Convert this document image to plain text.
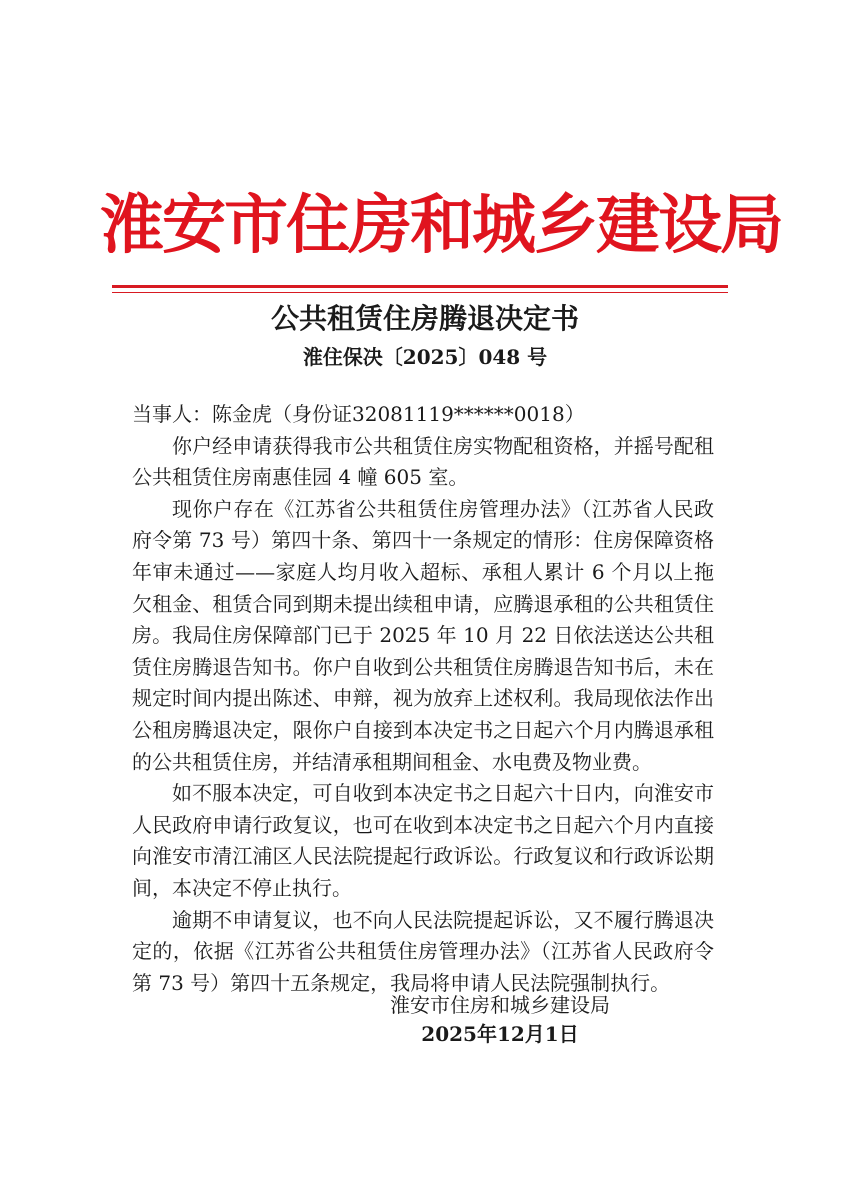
淮安市住房和城乡建设局
公共租赁住房腾退决定书
淮住保决〔2025〕048 号

当事人：陈金虎（身份证32081119******0018）

你户经申请获得我市公共租赁住房实物配租资格，并摇号配租公共租赁住房南惠佳园 4 幢 605 室。

现你户存在《江苏省公共租赁住房管理办法》（江苏省人民政府令第 73 号）第四十条、第四十一条规定的情形：住房保障资格年审未通过——家庭人均月收入超标、承租人累计 6 个月以上拖欠租金、租赁合同到期未提出续租申请，应腾退承租的公共租赁住房。我局住房保障部门已于 2025 年 10 月 22 日依法送达公共租赁住房腾退告知书。你户自收到公共租赁住房腾退告知书后，未在规定时间内提出陈述、申辩，视为放弃上述权利。我局现依法作出公租房腾退决定，限你户自接到本决定书之日起六个月内腾退承租的公共租赁住房，并结清承租期间租金、水电费及物业费。

如不服本决定，可自收到本决定书之日起六十日内，向淮安市人民政府申请行政复议，也可在收到本决定书之日起六个月内直接向淮安市清江浦区人民法院提起行政诉讼。行政复议和行政诉讼期间，本决定不停止执行。

逾期不申请复议，也不向人民法院提起诉讼，又不履行腾退决定的，依据《江苏省公共租赁住房管理办法》（江苏省人民政府令第 73 号）第四十五条规定，我局将申请人民法院强制执行。

淮安市住房和城乡建设局
2025年12月1日
